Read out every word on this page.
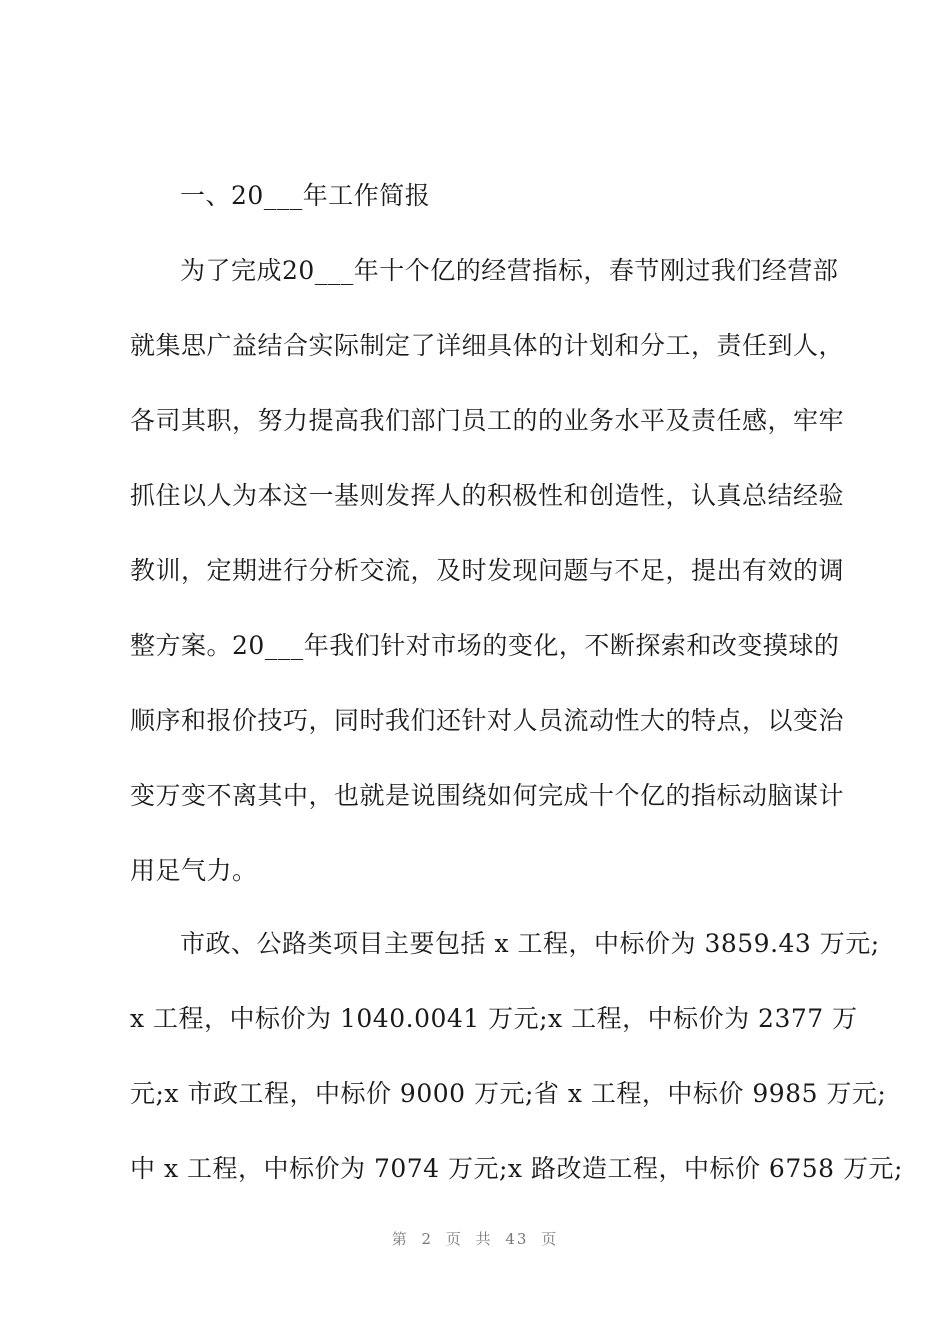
一、20___年工作简报
为了完成20___年十个亿的经营指标，春节刚过我们经营部
就集思广益结合实际制定了详细具体的计划和分工，责任到人，
各司其职，努力提高我们部门员工的的业务水平及责任感，牢牢
抓住以人为本这一基则发挥人的积极性和创造性，认真总结经验
教训，定期进行分析交流，及时发现问题与不足，提出有效的调
整方案。20___年我们针对市场的变化，不断探索和改变摸球的
顺序和报价技巧，同时我们还针对人员流动性大的特点，以变治
变万变不离其中，也就是说围绕如何完成十个亿的指标动脑谋计
用足气力。
市政、公路类项目主要包括 x 工程，中标价为 3859.43 万元;
x 工程，中标价为 1040.0041 万元;x 工程，中标价为 2377 万
元;x 市政工程，中标价 9000 万元;省 x 工程，中标价 9985 万元;
中 x 工程，中标价为 7074 万元;x 路改造工程，中标价 6758 万元;
第 2 页 共 43 页
